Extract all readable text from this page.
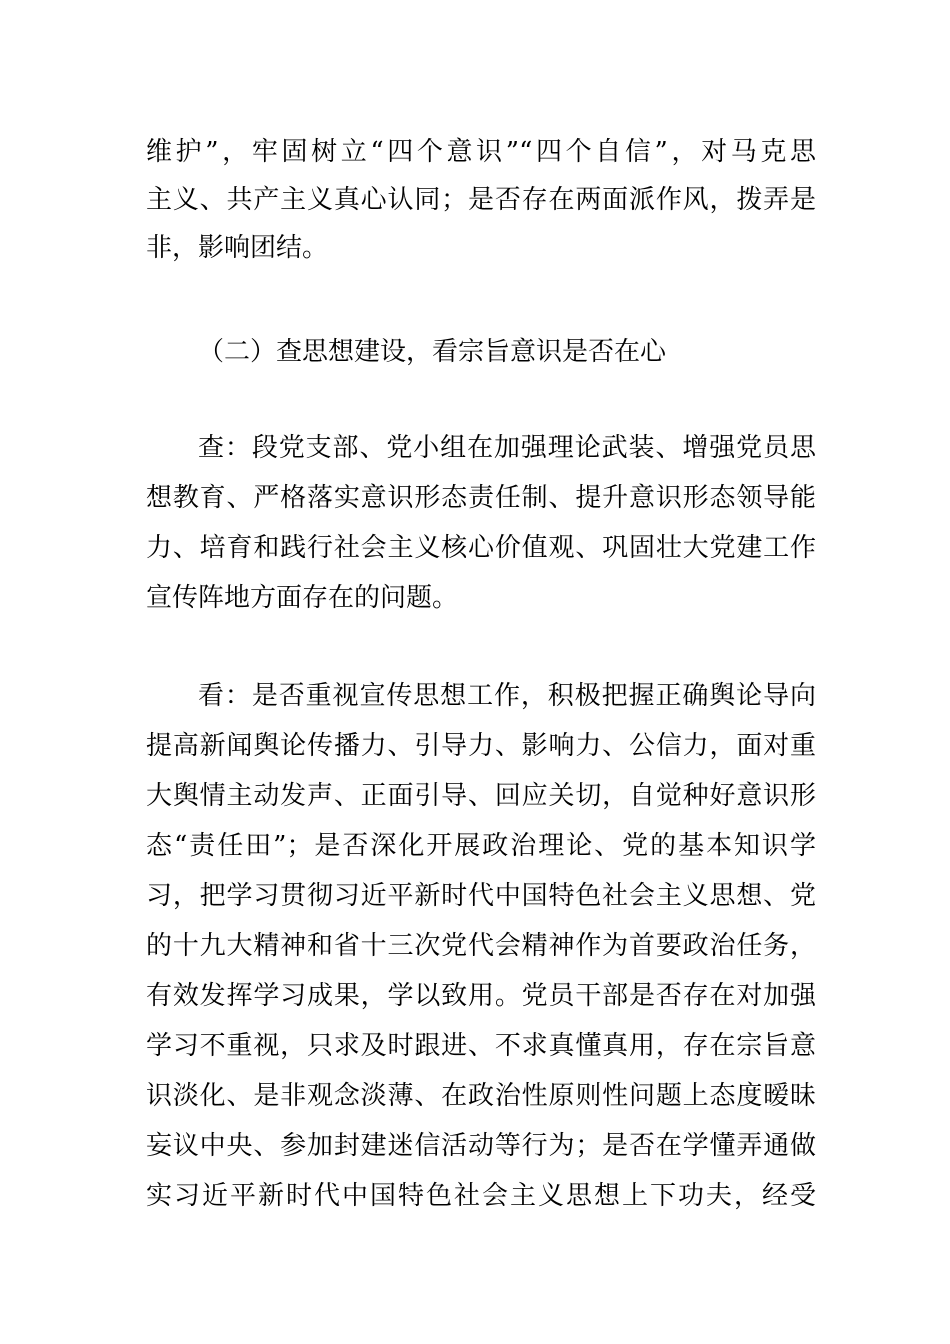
维护”，牢固树立“四个意识”“四个自信”，对马克思
主义、共产主义真心认同；是否存在两面派作风，拨弄是
非，影响团结。
（二）查思想建设，看宗旨意识是否在心
查：段党支部、党小组在加强理论武装、增强党员思
想教育、严格落实意识形态责任制、提升意识形态领导能
力、培育和践行社会主义核心价值观、巩固壮大党建工作
宣传阵地方面存在的问题。
看：是否重视宣传思想工作，积极把握正确舆论导向
提高新闻舆论传播力、引导力、影响力、公信力，面对重
大舆情主动发声、正面引导、回应关切，自觉种好意识形
态“责任田”；是否深化开展政治理论、党的基本知识学
习，把学习贯彻习近平新时代中国特色社会主义思想、党
的十九大精神和省十三次党代会精神作为首要政治任务，
有效发挥学习成果，学以致用。党员干部是否存在对加强
学习不重视，只求及时跟进、不求真懂真用，存在宗旨意
识淡化、是非观念淡薄、在政治性原则性问题上态度暧昧
妄议中央、参加封建迷信活动等行为；是否在学懂弄通做
实习近平新时代中国特色社会主义思想上下功夫，经受
